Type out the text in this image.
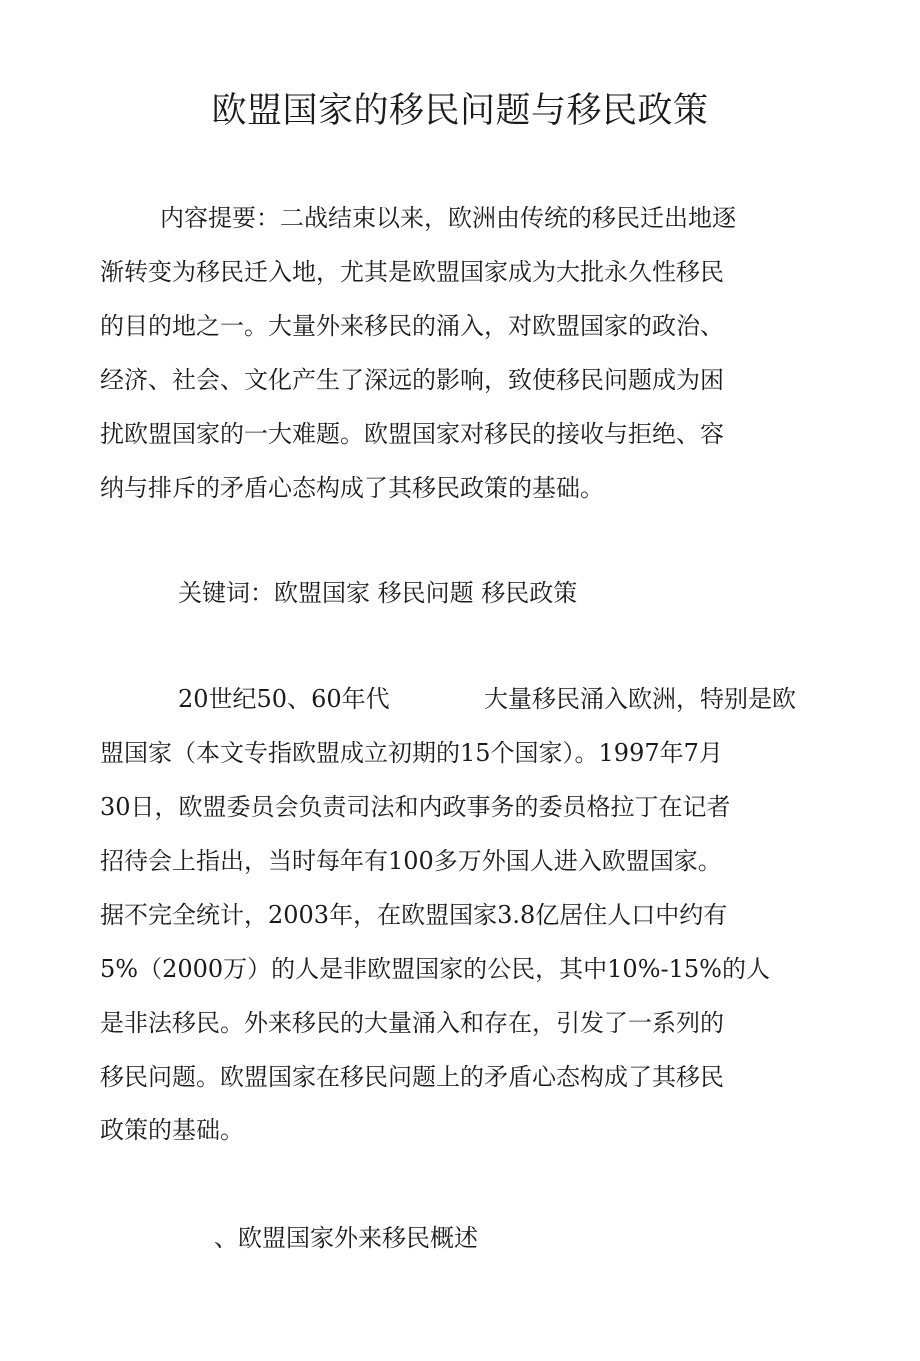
欧盟国家的移民问题与移民政策
内容提要：二战结束以来，欧洲由传统的移民迁出地逐
渐转变为移民迁入地，尤其是欧盟国家成为大批永久性移民
的目的地之一。大量外来移民的涌入，对欧盟国家的政治、
经济、社会、文化产生了深远的影响，致使移民问题成为困
扰欧盟国家的一大难题。欧盟国家对移民的接收与拒绝、容
纳与排斥的矛盾心态构成了其移民政策的基础。
关键词：欧盟国家 移民问题 移民政策
20世纪50、60年代	大量移民涌入欧洲，特别是欧
盟国家（本文专指欧盟成立初期的15个国家）。1997年7月
30日，欧盟委员会负责司法和内政事务的委员格拉丁在记者
招待会上指出，当时每年有100多万外国人进入欧盟国家。
据不完全统计，2003年，在欧盟国家3.8亿居住人口中约有
5%（2000万）的人是非欧盟国家的公民，其中10%-15%的人
是非法移民。外来移民的大量涌入和存在，引发了一系列的
移民问题。欧盟国家在移民问题上的矛盾心态构成了其移民
政策的基础。
、欧盟国家外来移民概述
